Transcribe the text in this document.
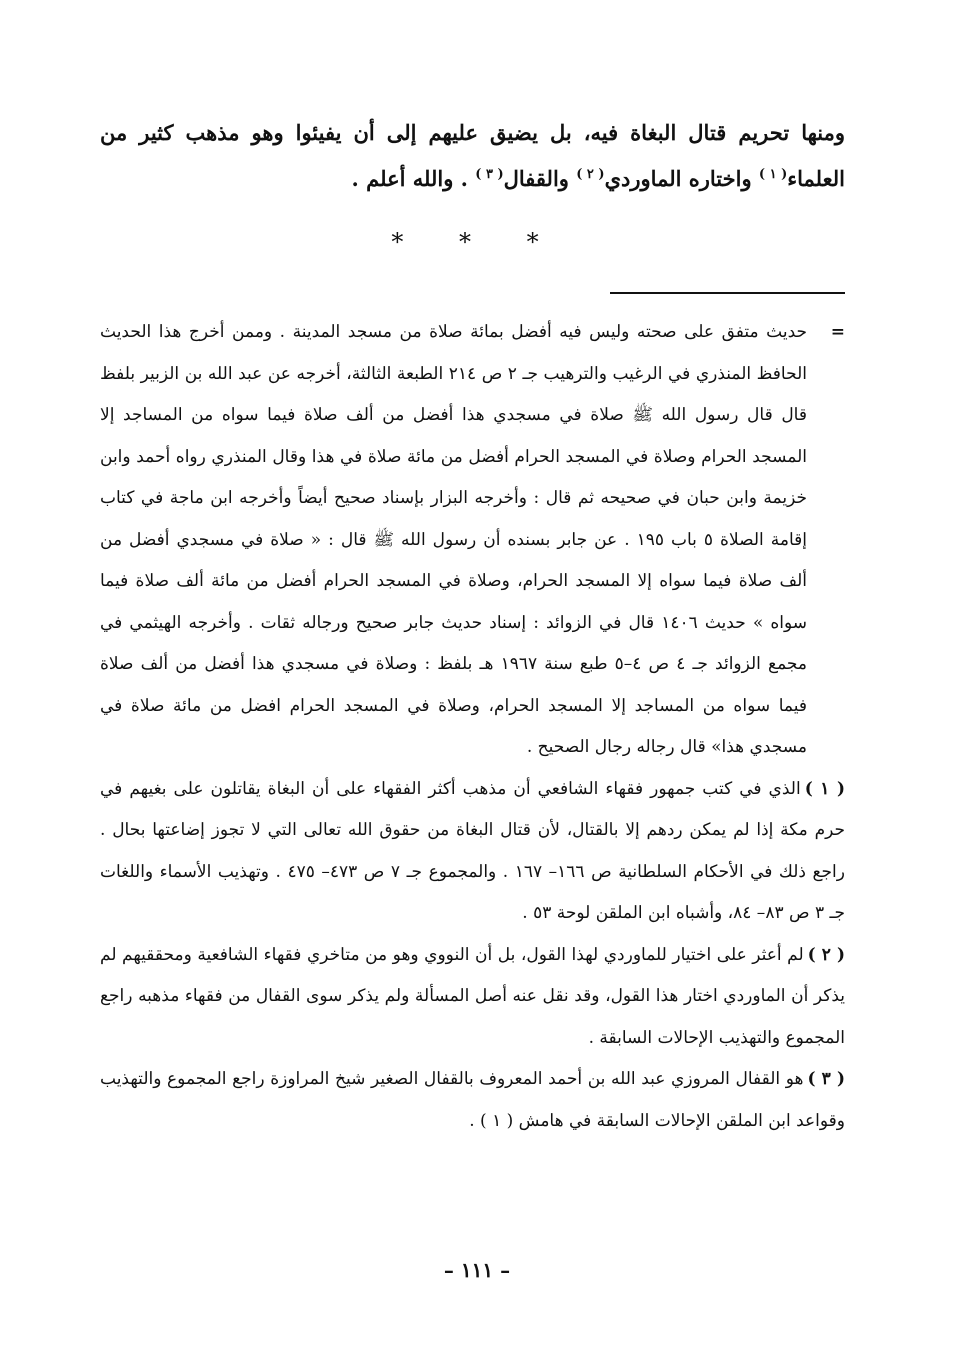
ومنها تحريم قتال البغاة فيه، بل يضيق عليهم إلى أن يفيئوا وهو مذهب كثير من العلماء$^{( ١ )}$ واختاره الماوردي$^{( ٢ )}$ والقفال$^{( ٣ )}$ . والله أعلم .
* * *
=
حديث متفق على صحته وليس فيه أفضل بمائة صلاة من مسجد المدينة . وممن أخرج هذا الحديث الحافظ المنذري في الرغيب والترهيب جـ ٢ ص ٢١٤ الطبعة الثالثة، أخرجه عن عبد الله بن الزبير بلفظ قال قال رسول الله ﷺ صلاة في مسجدي هذا أفضل من ألف صلاة فيما سواه من المساجد إلا المسجد الحرام وصلاة في المسجد الحرام أفضل من مائة صلاة في هذا وقال المنذري رواه أحمد وابن خزيمة وابن حبان في صحيحه ثم قال : وأخرجه البزار بإسناد صحيح أيضاً وأخرجه ابن ماجة في كتاب إقامة الصلاة ٥ باب ١٩٥ . عن جابر بسنده أن رسول الله ﷺ قال : « صلاة في مسجدي أفضل من ألف صلاة فيما سواه إلا المسجد الحرام، وصلاة في المسجد الحرام أفضل من مائة ألف صلاة فيما سواه » حديث ١٤٠٦ قال في الزوائد : إسناد حديث جابر صحيح ورجاله ثقات . وأخرجه الهيثمي في مجمع الزوائد جـ ٤ ص ٤–٥ طبع سنة ١٩٦٧ هـ بلفظ : وصلاة في مسجدي هذا أفضل من ألف صلاة فيما سواه من المساجد إلا المسجد الحرام، وصلاة في المسجد الحرام افضل من مائة صلاة في مسجدي هذا» قال رجاله رجال الصحيح .
( ١ )الذي في كتب جمهور فقهاء الشافعي أن مذهب أكثر الفقهاء على أن البغاة يقاتلون على بغيهم في حرم مكة إذا لم يمكن ردهم إلا بالقتال، لأن قتال البغاة من حقوق الله تعالى التي لا تجوز إضاعتها بحال . راجع ذلك في الأحكام السلطانية ص ١٦٦– ١٦٧ . والمجموع جـ ٧ ص ٤٧٣– ٤٧٥ . وتهذيب الأسماء واللغات جـ ٣ ص ٨٣– ٨٤، وأشباه ابن الملقن لوحة ٥٣ .
( ٢ )لم أعثر على اختيار للماوردي لهذا القول، بل أن النووي وهو من متاخري فقهاء الشافعية ومحققيهم لم يذكر أن الماوردي اختار هذا القول، وقد نقل عنه أصل المسألة ولم يذكر سوى القفال من فقهاء مذهبه راجع المجموع والتهذيب الإحالات السابقة .
( ٣ )هو القفال المروزي عبد الله بن أحمد المعروف بالقفال الصغير شيخ المراوزة راجع المجموع والتهذيب وقواعد ابن الملقن الإحالات السابقة في هامش ( ١ ) .
– ١١١ –
